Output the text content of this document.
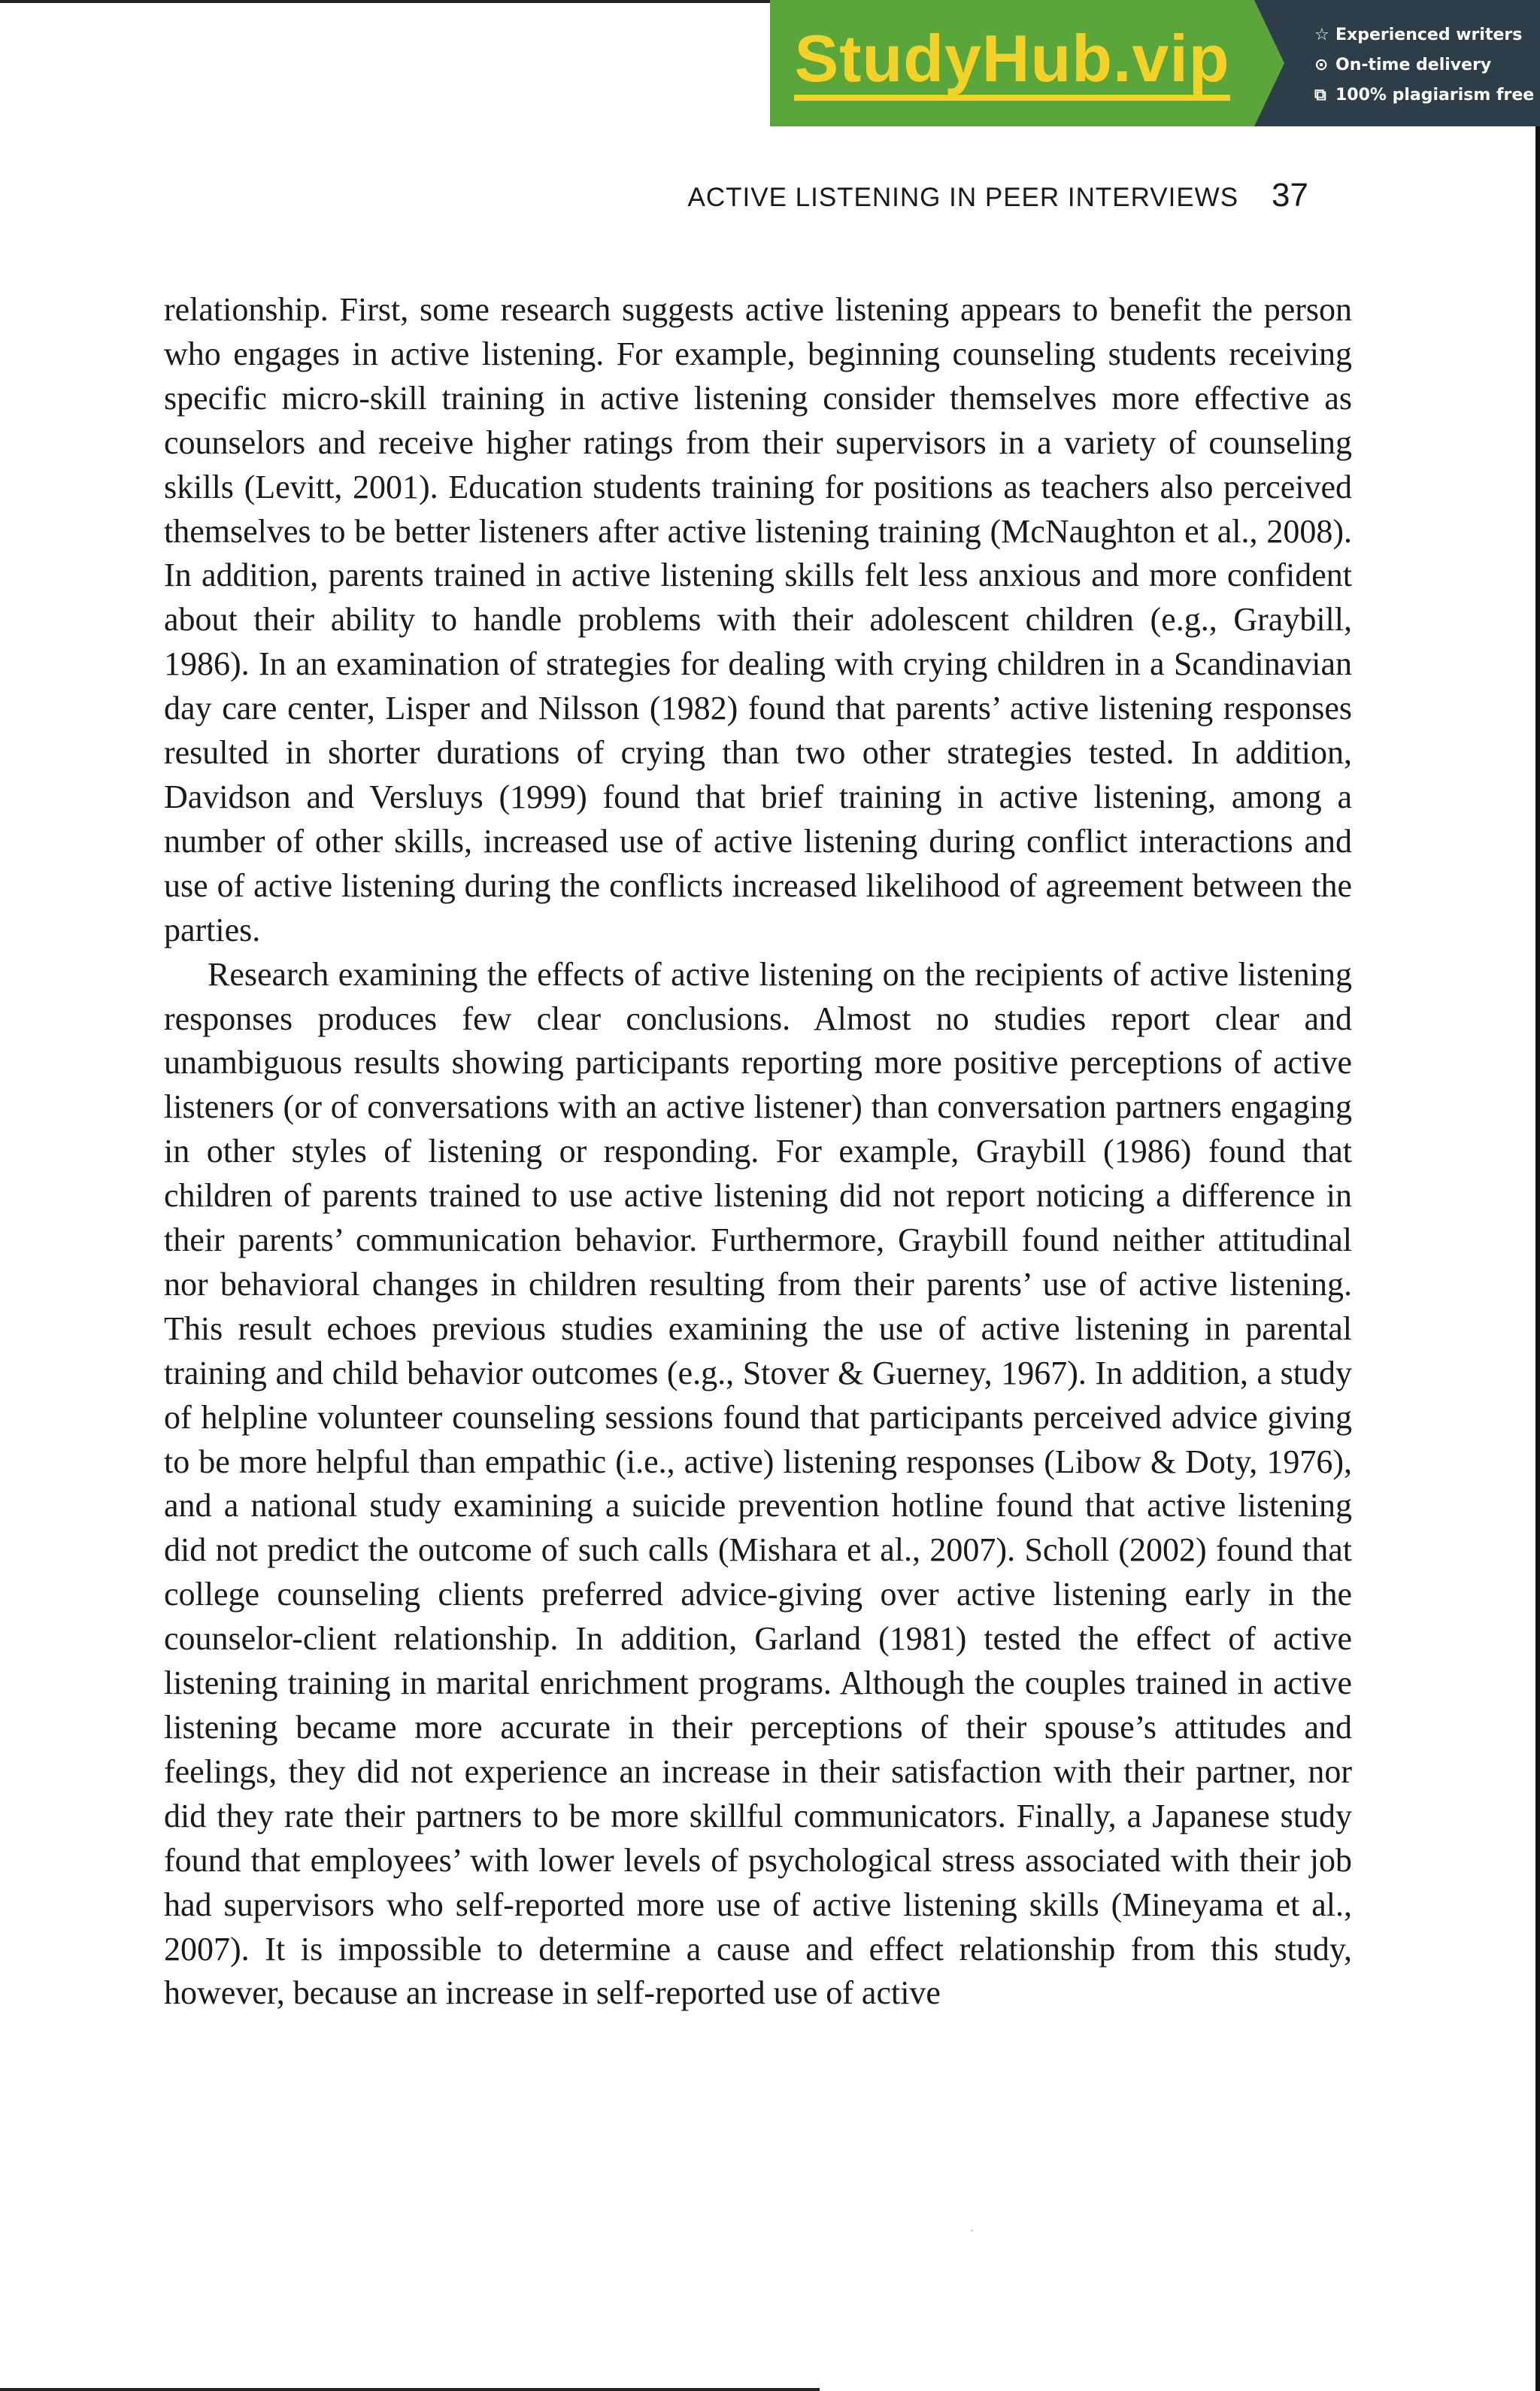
StudyHub.vip	☆ Experienced writers
⊙ On-time delivery
⧉ 100% plagiarism free
ACTIVE LISTENING IN PEER INTERVIEWS 37

relationship. First, some research suggests active listening appears to benefit the person who engages in active listening. For example, beginning counseling students receiving specific micro-skill training in active listening consider themselves more effective as counselors and receive higher ratings from their supervisors in a variety of counseling skills (Levitt, 2001). Education students training for positions as teachers also perceived themselves to be better listeners after active listening training (McNaughton et al., 2008). In addition, parents trained in active listening skills felt less anxious and more confident about their ability to handle problems with their adolescent children (e.g., Graybill, 1986). In an examination of strategies for dealing with crying children in a Scandinavian day care center, Lisper and Nilsson (1982) found that parents’ active listening responses resulted in shorter durations of crying than two other strategies tested. In addition, Davidson and Versluys (1999) found that brief training in active listening, among a number of other skills, increased use of active listening during conflict interactions and use of active listening during the conflicts increased likelihood of agreement between the parties.

Research examining the effects of active listening on the recipients of active listening responses produces few clear conclusions. Almost no studies report clear and unambiguous results showing participants reporting more positive perceptions of active listeners (or of conversations with an active listener) than conversation partners engaging in other styles of listening or responding. For example, Graybill (1986) found that children of parents trained to use active listening did not report noticing a difference in their parents’ communication behavior. Furthermore, Graybill found neither attitudinal nor behavioral changes in children resulting from their parents’ use of active listening. This result echoes previous studies examining the use of active listening in parental training and child behavior outcomes (e.g., Stover & Guerney, 1967). In addition, a study of helpline volunteer counseling sessions found that participants perceived advice giving to be more helpful than empathic (i.e., active) listening responses (Libow & Doty, 1976), and a national study examining a suicide prevention hotline found that active listening did not predict the outcome of such calls (Mishara et al., 2007). Scholl (2002) found that college counseling clients preferred advice-giving over active listening early in the counselor-client relationship. In addition, Garland (1981) tested the effect of active listening training in marital enrichment programs. Although the couples trained in active listening became more accurate in their perceptions of their spouse’s attitudes and feelings, they did not experience an increase in their satisfaction with their partner, nor did they rate their partners to be more skillful communicators. Finally, a Japanese study found that employees’ with lower levels of psychological stress associated with their job had supervisors who self-reported more use of active listening skills (Mineyama et al., 2007). It is impossible to determine a cause and effect relationship from this study, however, because an increase in self-reported use of active

·
